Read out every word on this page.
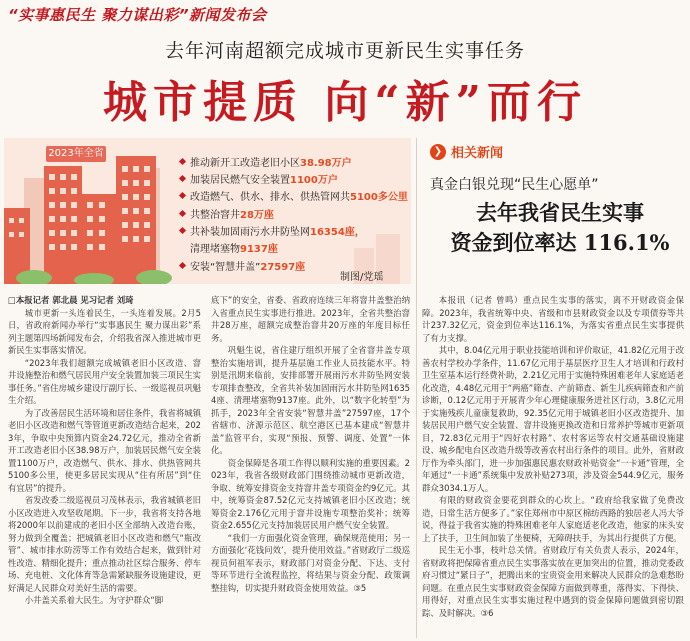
“实事惠民生 聚力谋出彩”新闻发布会
去年河南超额完成城市更新民生实事任务
城市提质 向“新”而行
2023年全省
推动新开工改造老旧小区 38.98万户
加装居民燃气安全装置 1100万户
改造燃气、供水、排水、供热管网共 5100多公里
共整治窨井 28万座
共补装加固雨污水井防坠网 16354座，
清理堵塞物 9137座
安装“智慧井盖” 27597座
制图/党瑶
❯ 相关新闻
真金白银兑现“民生心愿单”
去年我省民生实事
资金到位率达 116.1%

□本报记者 郭北晨 见习记者 刘琦

城市更新一头连着民生，一头连着发展。2月5日，省政府新闻办举行“实事惠民生 聚力谋出彩”系列主题第四场新闻发布会，介绍我省深入推进城市更新民生实事落实情况。

“2023年我们超额完成城镇老旧小区改造、窨井设施整治和燃气居民用户安全装置加装三项民生实事任务。”省住房城乡建设厅副厅长、一级巡视员巩魁生介绍。

为了改善居民生活环境和居住条件，我省将城镇老旧小区改造和燃气等管道更新改造结合起来，2023年，争取中央预算内资金24.72亿元，推动全省新开工改造老旧小区38.98万户，加装居民燃气安全装置1100万户，改造燃气、供水、排水、供热管网共5100多公里，使更多居民实现从“住有所居”到“住有宜居”的提升。

省发改委二级巡视员习茂林表示，我省城镇老旧小区改造进入攻坚收尾期。下一步，我省将支持各地将2000年以前建成的老旧小区全部纳入改造台账，努力做到全覆盖；把城镇老旧小区改造和燃气“瓶改管”、城市排水防涝等工作有效结合起来，做到针对性改造、精细化提升；重点推动社区综合服务、停车场、充电桩、文化体育等急需紧缺服务设施建设，更好满足人民群众对美好生活的需要。

小井盖关系着大民生。为守护群众“脚

底下”的安全，省委、省政府连续三年将窨井盖整治纳入省重点民生实事进行推进。2023年，全省共整治窨井28万座，超额完成整治窨井20万座的年度目标任务。

巩魁生说，省住建厅组织开展了全省窨井盖专项整治实施培训，提升基层施工作业人员技能水平。特别是汛期来临前，安排部署开展雨污水井防坠网安装专项排查整改，全省共补装加固雨污水井防坠网16354座、清理堵塞物9137座。此外，以“数字化转型”为抓手，2023年全省安装“智慧井盖”27597座，17个省辖市、济源示范区、航空港区已基本建成“智慧井盖”监管平台，实现“预报、预警、调度、处置”一体化。

资金保障是各项工作得以顺利实施的重要因素。2023年，我省各级财政部门围绕推动城市更新改造，争取、统筹安排资金支持窨井盖专项资金约9亿元。其中，统筹资金87.52亿元支持城镇老旧小区改造；统筹资金2.176亿元用于窨井设施专项整治奖补；统筹资金2.655亿元支持加装居民用户燃气安全装置。

“我们一方面强化资金管理，确保规范使用；另一方面强化‘花钱问效’，提升使用效益。”省财政厅二级巡视员何祖军表示，财政部门对资金分配、下达、支付等环节进行全流程监控，将结果与资金分配、政策调整挂钩，切实提升财政资金使用效益。③5

本报讯（记者 曾鸣）重点民生实事的落实，离不开财政资金保障。2023年，我省统筹中央、省级和市县财政资金以及专项债券等共计237.32亿元，资金到位率达116.1%，为落实省重点民生实事提供了有力支撑。

其中，8.04亿元用于职业技能培训和评价取证，41.82亿元用于改善农村学校办学条件，11.67亿元用于基层医疗卫生人才培训和行政村卫生室基本运行经费补助，2.21亿元用于实施特殊困难老年人家庭适老化改造，4.48亿元用于“两癌”筛查、产前筛查、新生儿疾病筛查和产前诊断，0.12亿元用于开展青少年心理健康服务进社区行动，3.8亿元用于实施残疾儿童康复救助，92.35亿元用于城镇老旧小区改造提升、加装居民用户燃气安全装置、窨井设施更换改造和日常养护等城市更新项目，72.83亿元用于“四好农村路”、农村客运等农村交通基础设施建设、城乡配电台区改造升级等改善农村出行条件的项目。此外，省财政厅作为牵头部门，进一步加强惠民惠农财政补贴资金“一卡通”管理，全年通过“一卡通”系统集中发放补贴273项，涉及资金544.9亿元，服务群众3034.1万人。

有限的财政资金要花到群众的心坎上。“政府给我家做了免费改造，日常生活方便多了。”家住郑州市中原区棉纺西路的独居老人冯大爷说，得益于我省实施的特殊困难老年人家庭适老化改造，他家的床头安上了扶手，卫生间加装了坐便椅，无障碍扶手，为其出行提供了方便。

民生无小事，枝叶总关情。省财政厅有关负责人表示，2024年，省财政将把保障省重点民生实事落实放在更加突出的位置，推动党委政府习惯过“紧日子”，把腾出来的宝贵资金用来解决人民群众的急难愁盼问题。在重点民生实事财政资金保障方面做到尊重，落得实、下得快、用得好，对重点民生实事实施过程中遇到的资金保障问题做到密切跟踪、及时解决。③6
